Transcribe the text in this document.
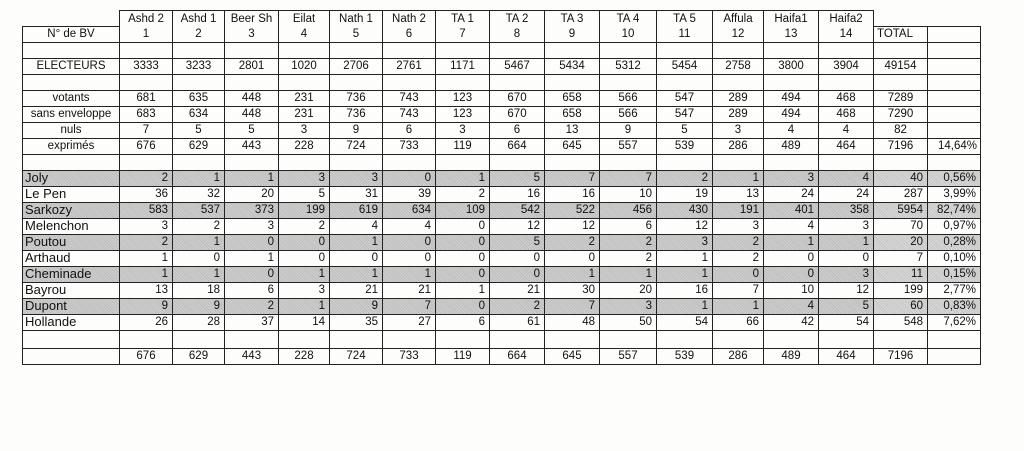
	Ashd 2	Ashd 1	Beer Sh	Eilat	Nath 1	Nath 2	TA 1	TA 2	TA 3	TA 4	TA 5	Affula	Haifa1	Haifa2		
N° de BV	1	2	3	4	5	6	7	8	9	10	11	12	13	14	TOTAL	

ELECTEURS	3333	3233	2801	1020	2706	2761	1171	5467	5434	5312	5454	2758	3800	3904	49154	

votants	681	635	448	231	736	743	123	670	658	566	547	289	494	468	7289	
sans enveloppe	683	634	448	231	736	743	123	670	658	566	547	289	494	468	7290	
nuls	7	5	5	3	9	6	3	6	13	9	5	3	4	4	82	
exprimés	676	629	443	228	724	733	119	664	645	557	539	286	489	464	7196	14,64%

Joly	2	1	1	3	3	0	1	5	7	7	2	1	3	4	40	0,56%
Le Pen	36	32	20	5	31	39	2	16	16	10	19	13	24	24	287	3,99%
Sarkozy	583	537	373	199	619	634	109	542	522	456	430	191	401	358	5954	82,74%
Melenchon	3	2	3	2	4	4	0	12	12	6	12	3	4	3	70	0,97%
Poutou	2	1	0	0	1	0	0	5	2	2	3	2	1	1	20	0,28%
Arthaud	1	0	1	0	0	0	0	0	0	2	1	2	0	0	7	0,10%
Cheminade	1	1	0	1	1	1	0	0	1	1	1	0	0	3	11	0,15%
Bayrou	13	18	6	3	21	21	1	21	30	20	16	7	10	12	199	2,77%
Dupont	9	9	2	1	9	7	0	2	7	3	1	1	4	5	60	0,83%
Hollande	26	28	37	14	35	27	6	61	48	50	54	66	42	54	548	7,62%

	676	629	443	228	724	733	119	664	645	557	539	286	489	464	7196	
